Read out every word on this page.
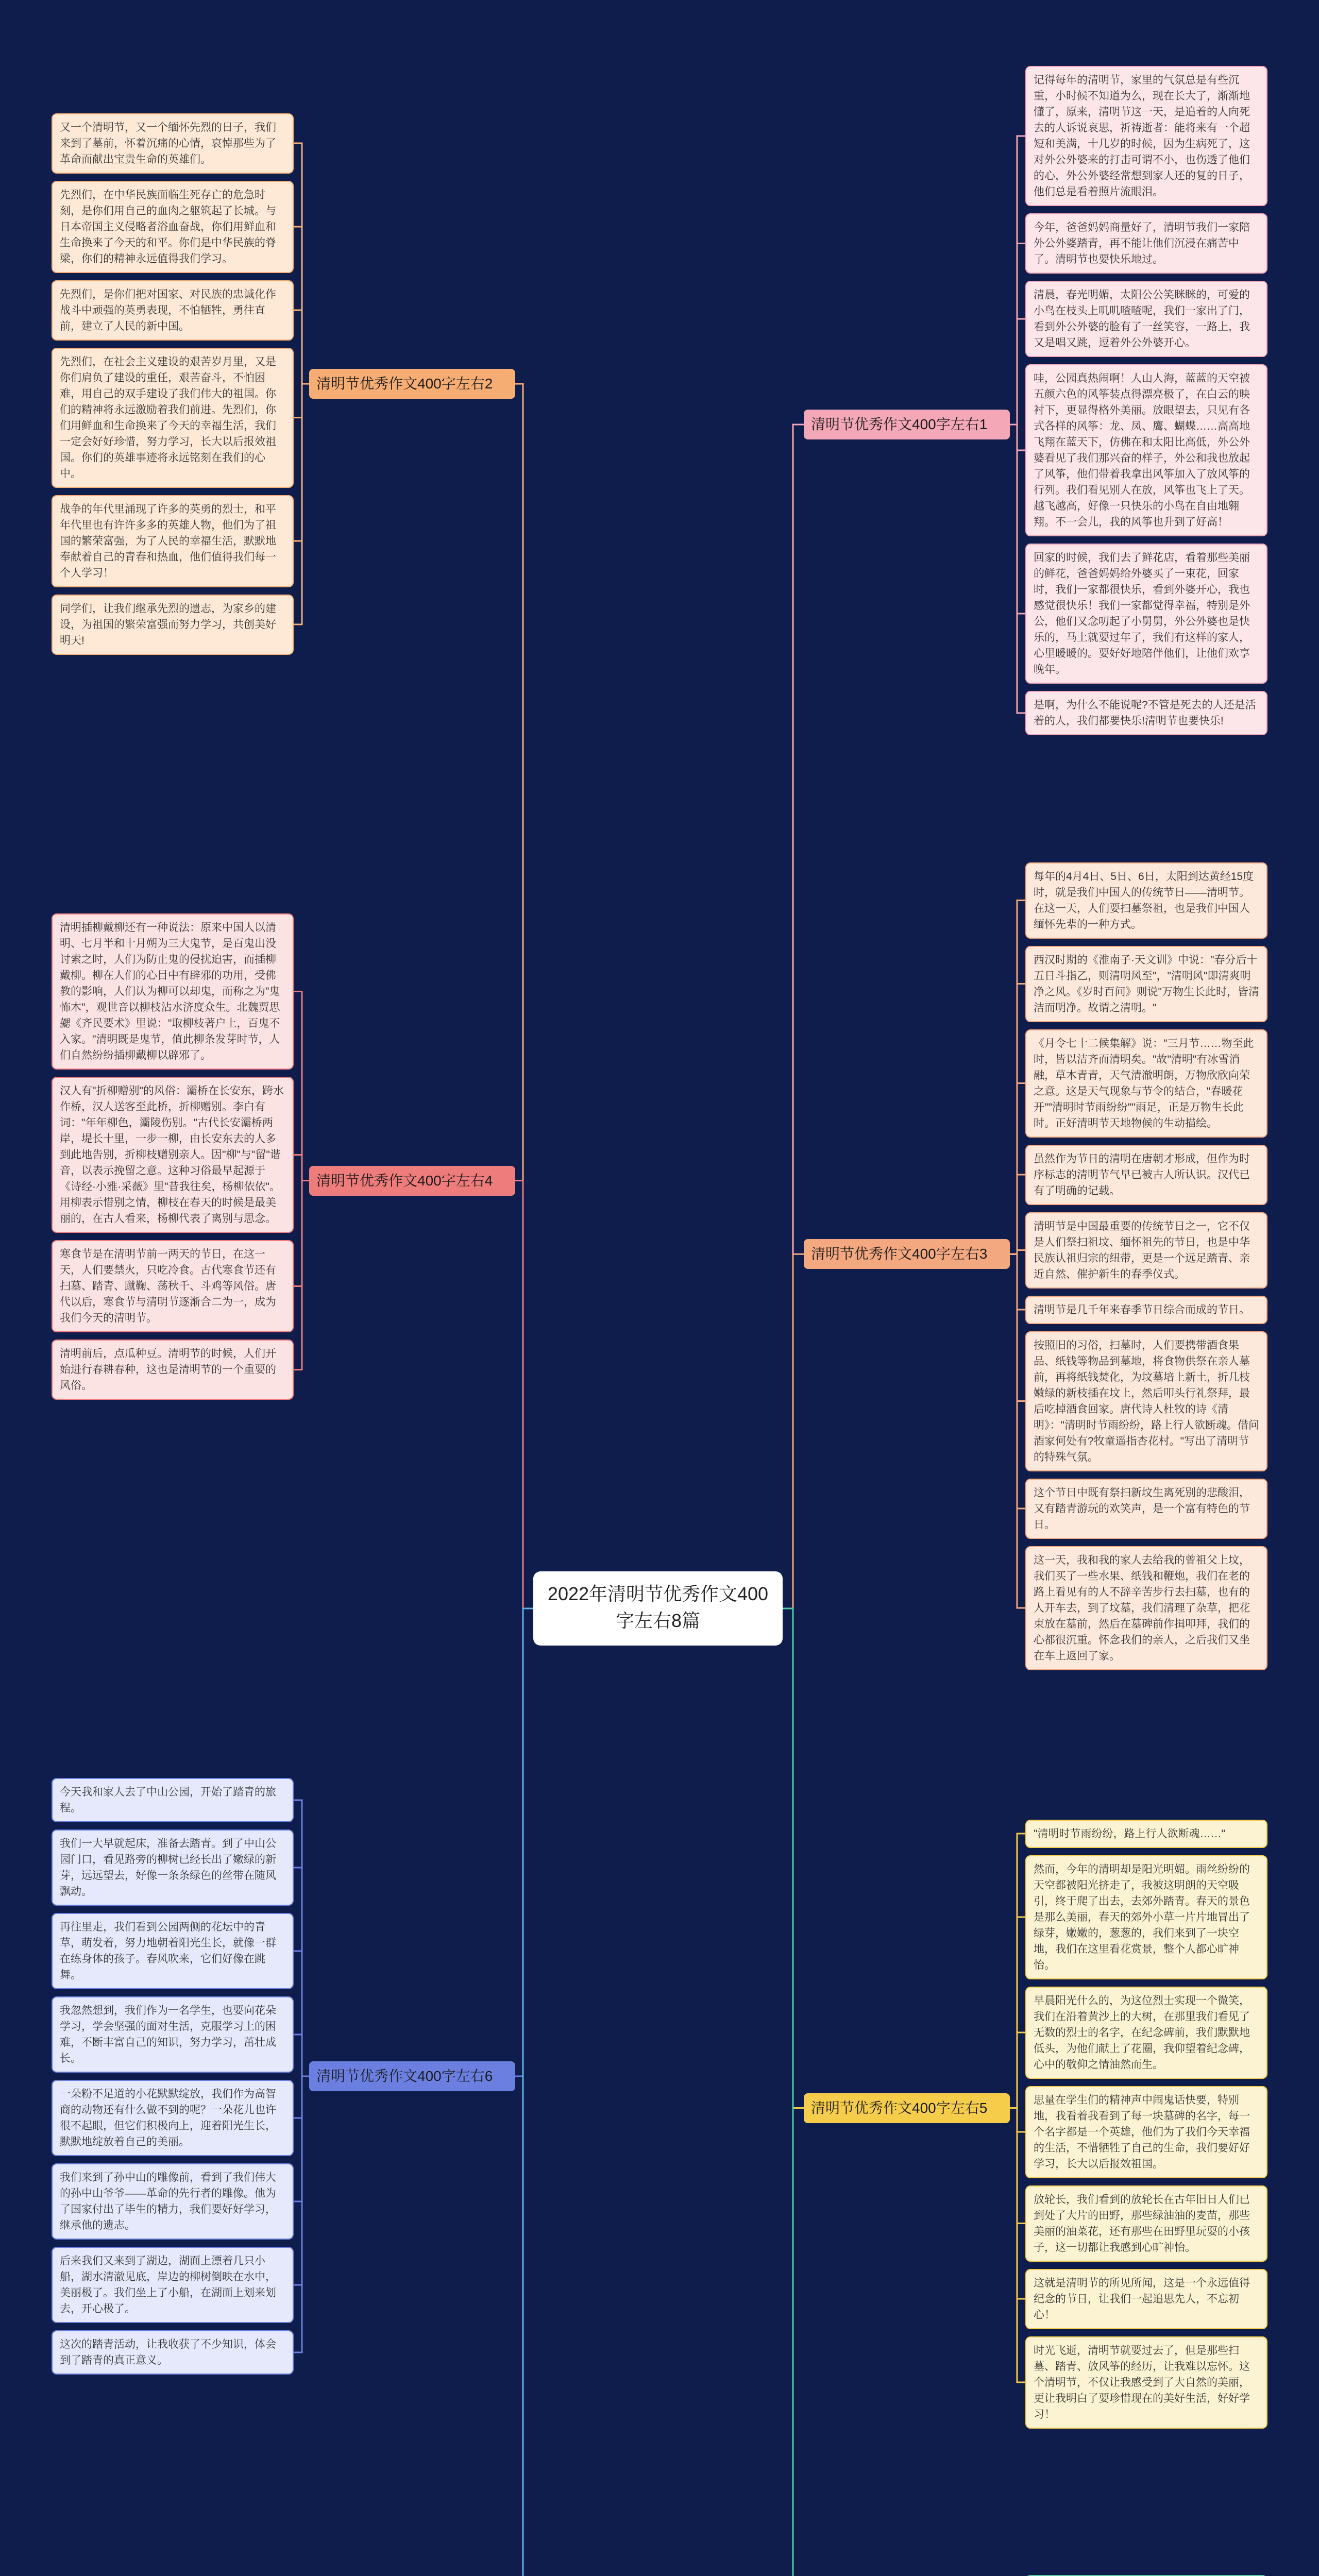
2022年清明节优秀作文400字左右8篇
记得每年的清明节，家里的气氛总是有些沉重，小时候不知道为么，现在长大了，渐渐地懂了，原来，清明节这一天，是追着的人向死去的人诉说哀思，祈祷逝者：能将来有一个超短和美满，十几岁的时候，因为生病死了，这对外公外婆来的打击可谓不小，也伤透了他们的心，外公外婆经常想到家人还的复的日子，他们总是看着照片流眼泪。
今年，爸爸妈妈商量好了，清明节我们一家陪外公外婆踏青，再不能让他们沉浸在痛苦中了。清明节也要快乐地过。
清晨，春光明媚，太阳公公笑眯眯的，可爱的小鸟在枝头上叽叽喳喳呢，我们一家出了门，看到外公外婆的脸有了一丝笑容，一路上，我又是唱又跳，逗着外公外婆开心。
哇，公园真热闹啊！人山人海，蓝蓝的天空被五颜六色的风筝装点得漂亮极了，在白云的映衬下，更显得格外美丽。放眼望去，只见有各式各样的风筝：龙、凤、鹰、蝴蝶……高高地飞翔在蓝天下，仿佛在和太阳比高低，外公外婆看见了我们那兴奋的样子，外公和我也放起了风筝，他们带着我拿出风筝加入了放风筝的行列。我们看见别人在放，风筝也飞上了天。越飞越高，好像一只快乐的小鸟在自由地翱翔。不一会儿，我的风筝也升到了好高！
回家的时候，我们去了鲜花店，看着那些美丽的鲜花，爸爸妈妈给外婆买了一束花，回家时，我们一家都很快乐，看到外婆开心，我也感觉很快乐！我们一家都觉得幸福，特别是外公，他们又念叨起了小舅舅，外公外婆也是快乐的，马上就要过年了，我们有这样的家人，心里暖暖的。要好好地陪伴他们，让他们欢享晚年。
是啊，为什么不能说呢?不管是死去的人还是活着的人，我们都要快乐!清明节也要快乐!
清明节优秀作文400字左右1
每年的4月4日、5日、6日，太阳到达黄经15度时，就是我们中国人的传统节日——清明节。在这一天，人们要扫墓祭祖，也是我们中国人缅怀先辈的一种方式。
西汉时期的《淮南子·天文训》中说："春分后十五日斗指乙，则清明风至"，"清明风"即清爽明净之风。《岁时百问》则说"万物生长此时，皆清洁而明净。故谓之清明。"
《月令七十二候集解》说："三月节……物至此时，皆以洁齐而清明矣。"故"清明"有冰雪消融，草木青青，天气清澈明朗，万物欣欣向荣之意。这是天气现象与节令的结合，"春暖花开""清明时节雨纷纷""雨足，正是万物生长此时。正好清明节天地物候的生动描绘。
虽然作为节日的清明在唐朝才形成，但作为时序标志的清明节气早已被古人所认识。汉代已有了明确的记载。
清明节是中国最重要的传统节日之一，它不仅是人们祭扫祖坟、缅怀祖先的节日，也是中华民族认祖归宗的纽带，更是一个远足踏青、亲近自然、催护新生的春季仪式。
清明节是几千年来春季节日综合而成的节日。
按照旧的习俗，扫墓时，人们要携带酒食果品、纸钱等物品到墓地，将食物供祭在亲人墓前，再将纸钱焚化，为坟墓培上新土，折几枝嫩绿的新枝插在坟上，然后叩头行礼祭拜，最后吃掉酒食回家。唐代诗人杜牧的诗《清明》："清明时节雨纷纷，路上行人欲断魂。借问酒家何处有?牧童遥指杏花村。"写出了清明节的特殊气氛。
这个节日中既有祭扫新坟生离死别的悲酸泪，又有踏青游玩的欢笑声，是一个富有特色的节日。
这一天，我和我的家人去给我的曾祖父上坟，我们买了一些水果、纸钱和鞭炮，我们在老的路上看见有的人不辞辛苦步行去扫墓，也有的人开车去，到了坟墓，我们清理了杂草，把花束放在墓前，然后在墓碑前作揖叩拜，我们的心都很沉重。怀念我们的亲人，之后我们又坐在车上返回了家。
清明节优秀作文400字左右3
"清明时节雨纷纷，路上行人欲断魂……"
然而，今年的清明却是阳光明媚。雨丝纷纷的天空都被阳光挤走了，我被这明朗的天空吸引，终于爬了出去，去郊外踏青。春天的景色是那么美丽，春天的郊外小草一片片地冒出了绿芽，嫩嫩的，葱葱的，我们来到了一块空地，我们在这里看花赏景，整个人都心旷神怡。
早晨阳光什么的，为这位烈士实现一个微笑，我们在沿着黄沙上的大树，在那里我们看见了无数的烈士的名字，在纪念碑前，我们默默地低头，为他们献上了花圈，我仰望着纪念碑，心中的敬仰之情油然而生。
思量在学生们的精神声中闹鬼话快要，特别地，我看着我看到了每一块墓碑的名字，每一个名字都是一个英雄，他们为了我们今天幸福的生活，不惜牺牲了自己的生命，我们要好好学习，长大以后报效祖国。
放轮长，我们看到的放轮长在古年旧日人们已到处了大片的田野，那些绿油油的麦苗，那些美丽的油菜花，还有那些在田野里玩耍的小孩子，这一切都让我感到心旷神怡。
这就是清明节的所见所闻，这是一个永远值得纪念的节日，让我们一起追思先人，不忘初心！
时光飞逝，清明节就要过去了，但是那些扫墓、踏青、放风筝的经历，让我难以忘怀。这个清明节，不仅让我感受到了大自然的美丽，更让我明白了要珍惜现在的美好生活，好好学习！
清明节优秀作文400字左右5
又一个清明节，又一个缅怀先烈的日子，我们来到了墓前，怀着沉痛的心情，哀悼那些为了革命而献出宝贵生命的英雄们。
先烈们，在中华民族面临生死存亡的危急时刻，是你们用自己的血肉之躯筑起了长城。与日本帝国主义侵略者浴血奋战，你们用鲜血和生命换来了今天的和平。你们是中华民族的脊梁，你们的精神永远值得我们学习。
先烈们，是你们把对国家、对民族的忠诚化作战斗中顽强的英勇表现，不怕牺牲，勇往直前，建立了人民的新中国。
先烈们，在社会主义建设的艰苦岁月里，又是你们肩负了建设的重任，艰苦奋斗，不怕困难，用自己的双手建设了我们伟大的祖国。你们的精神将永远激励着我们前进。先烈们，你们用鲜血和生命换来了今天的幸福生活，我们一定会好好珍惜，努力学习，长大以后报效祖国。你们的英雄事迹将永远铭刻在我们的心中。
战争的年代里涌现了许多的英勇的烈士，和平年代里也有许许多多的英雄人物，他们为了祖国的繁荣富强，为了人民的幸福生活，默默地奉献着自己的青春和热血，他们值得我们每一个人学习！
同学们，让我们继承先烈的遗志，为家乡的建设，为祖国的繁荣富强而努力学习，共创美好明天!
清明节优秀作文400字左右2
清明插柳戴柳还有一种说法：原来中国人以清明、七月半和十月朔为三大鬼节，是百鬼出没讨索之时，人们为防止鬼的侵扰迫害，而插柳戴柳。柳在人们的心目中有辟邪的功用，受佛教的影响，人们认为柳可以却鬼，而称之为"鬼怖木"，观世音以柳枝沾水济度众生。北魏贾思勰《齐民要术》里说："取柳枝著户上，百鬼不入家。"清明既是鬼节，值此柳条发芽时节，人们自然纷纷插柳戴柳以辟邪了。
汉人有"折柳赠别"的风俗：灞桥在长安东，跨水作桥，汉人送客至此桥，折柳赠别。李白有词："年年柳色，灞陵伤别。"古代长安灞桥两岸，堤长十里，一步一柳，由长安东去的人多到此地告别，折柳枝赠别亲人。因"柳"与"留"谐音，以表示挽留之意。这种习俗最早起源于《诗经·小雅·采薇》里"昔我往矣，杨柳依依"。用柳表示惜别之情，柳枝在春天的时候是最美丽的，在古人看来，杨柳代表了离别与思念。
寒食节是在清明节前一两天的节日，在这一天，人们要禁火，只吃冷食。古代寒食节还有扫墓、踏青、蹴鞠、荡秋千、斗鸡等风俗。唐代以后，寒食节与清明节逐渐合二为一，成为我们今天的清明节。
清明前后，点瓜种豆。清明节的时候，人们开始进行春耕春种，这也是清明节的一个重要的风俗。
清明节优秀作文400字左右4
今天我和家人去了中山公园，开始了踏青的旅程。
我们一大早就起床，准备去踏青。到了中山公园门口，看见路旁的柳树已经长出了嫩绿的新芽，远远望去，好像一条条绿色的丝带在随风飘动。
再往里走，我们看到公园两侧的花坛中的青草，萌发着，努力地朝着阳光生长，就像一群在练身体的孩子。春风吹来，它们好像在跳舞。
我忽然想到，我们作为一名学生，也要向花朵学习，学会坚强的面对生活，克服学习上的困难，不断丰富自己的知识，努力学习，茁壮成长。
一朵粉不足道的小花默默绽放，我们作为高智商的动物还有什么做不到的呢？一朵花儿也许很不起眼，但它们积极向上，迎着阳光生长，默默地绽放着自己的美丽。
我们来到了孙中山的雕像前，看到了我们伟大的孙中山爷爷——革命的先行者的雕像。他为了国家付出了毕生的精力，我们要好好学习，继承他的遗志。
后来我们又来到了湖边，湖面上漂着几只小船，湖水清澈见底，岸边的柳树倒映在水中，美丽极了。我们坐上了小船，在湖面上划来划去，开心极了。
这次的踏青活动，让我收获了不少知识，体会到了踏青的真正意义。
清明节优秀作文400字左右6
